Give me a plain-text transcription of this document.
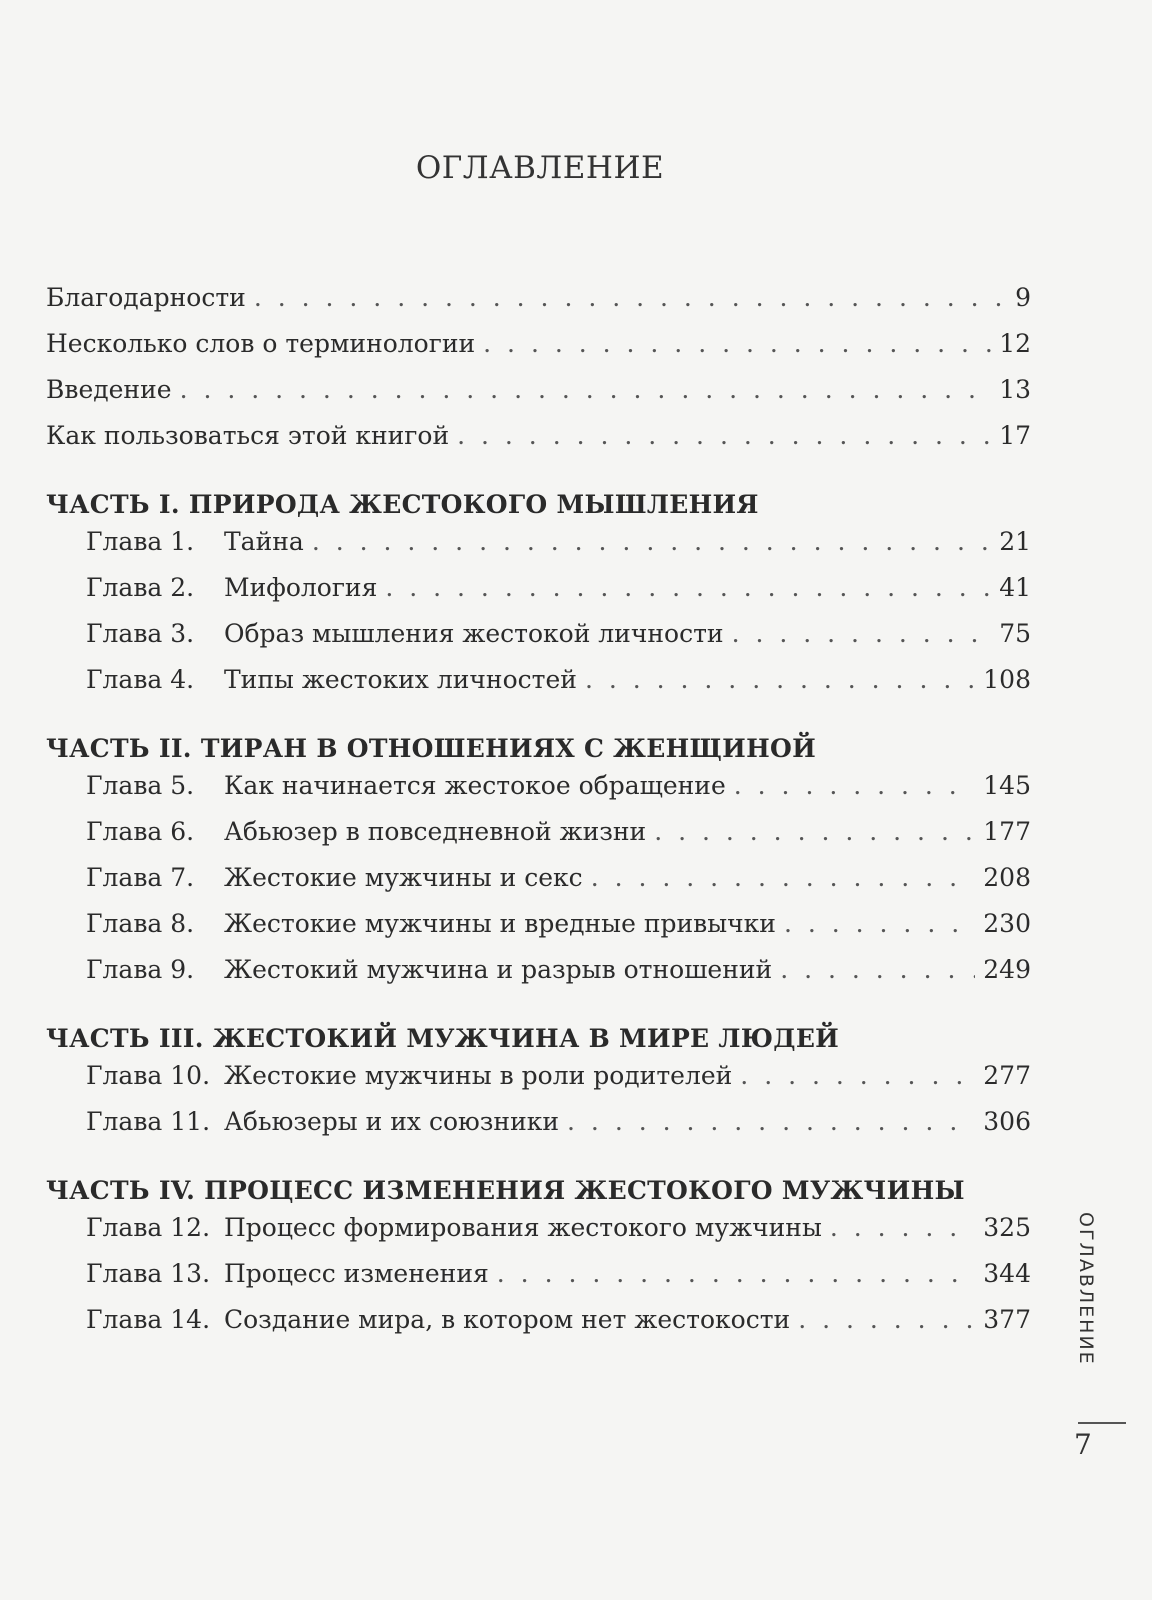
ОГЛАВЛЕНИЕ
Благодарности . . .	9
Несколько слов о терминологии . . .	12
Введение . . .	13
Как пользоваться этой книгой . . .	17
ЧАСТЬ I. ПРИРОДА ЖЕСТОКОГО МЫШЛЕНИЯ
Глава 1.	Тайна . . .	21
Глава 2.	Мифология . . .	41
Глава 3.	Образ мышления жестокой личности . . .	75
Глава 4.	Типы жестоких личностей . . .	108
ЧАСТЬ II. ТИРАН В ОТНОШЕНИЯХ С ЖЕНЩИНОЙ
Глава 5.	Как начинается жестокое обращение . . .	145
Глава 6.	Абьюзер в повседневной жизни . . .	177
Глава 7.	Жестокие мужчины и секс . . .	208
Глава 8.	Жестокие мужчины и вредные привычки . . .	230
Глава 9.	Жестокий мужчина и разрыв отношений . . .	249
ЧАСТЬ III. ЖЕСТОКИЙ МУЖЧИНА В МИРЕ ЛЮДЕЙ
Глава 10. Жестокие мужчины в роли родителей . . .	277
Глава 11. Абьюзеры и их союзники . . .	306
ЧАСТЬ IV. ПРОЦЕСС ИЗМЕНЕНИЯ ЖЕСТОКОГО МУЖЧИНЫ
Глава 12. Процесс формирования жестокого мужчины . . .	325
Глава 13. Процесс изменения . . .	344
Глава 14. Создание мира, в котором нет жестокости . . .	377	ОГЛАВЛЕНИЕ
7
